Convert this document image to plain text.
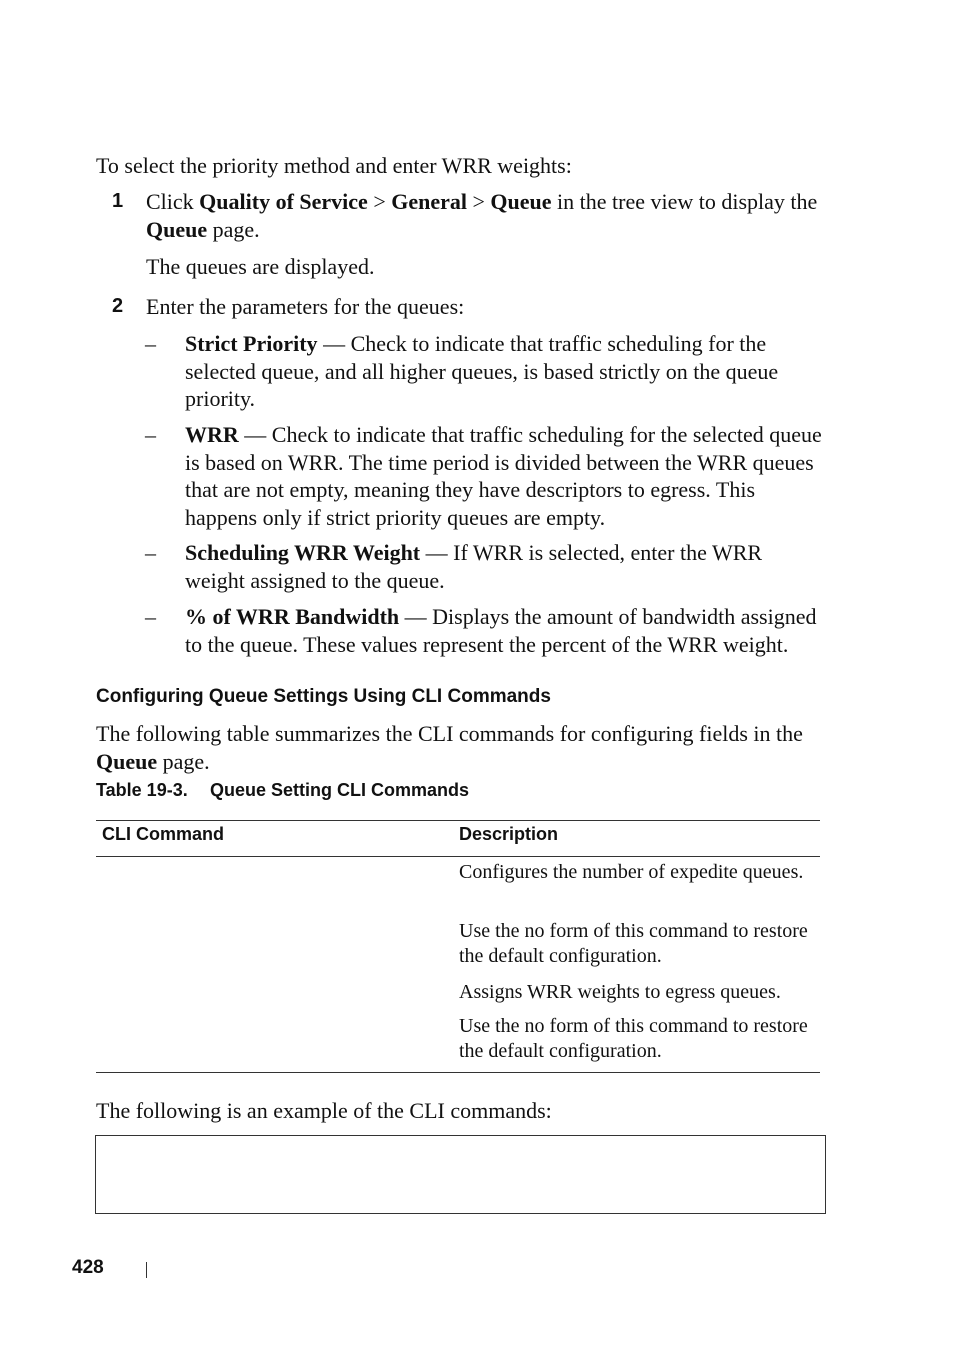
To select the priority method and enter WRR weights:

1 Click Quality of Service > General > Queue in the tree view to display the Queue page.
The queues are displayed.
2 Enter the parameters for the queues:
– Strict Priority — Check to indicate that traffic scheduling for the selected queue, and all higher queues, is based strictly on the queue priority.
– WRR — Check to indicate that traffic scheduling for the selected queue is based on WRR. The time period is divided between the WRR queues that are not empty, meaning they have descriptors to egress. This happens only if strict priority queues are empty.
– Scheduling WRR Weight — If WRR is selected, enter the WRR weight assigned to the queue.
– % of WRR Bandwidth — Displays the amount of bandwidth assigned to the queue. These values represent the percent of the WRR weight.
Configuring Queue Settings Using CLI Commands
The following table summarizes the CLI commands for configuring fields in the Queue page.
Table 19-3. Queue Setting CLI Commands
CLI Command	Description
Configures the number of expedite queues.
Use the no form of this command to restore the default configuration.
Assigns WRR weights to egress queues.
Use the no form of this command to restore the default configuration.
The following is an example of the CLI commands:
428
